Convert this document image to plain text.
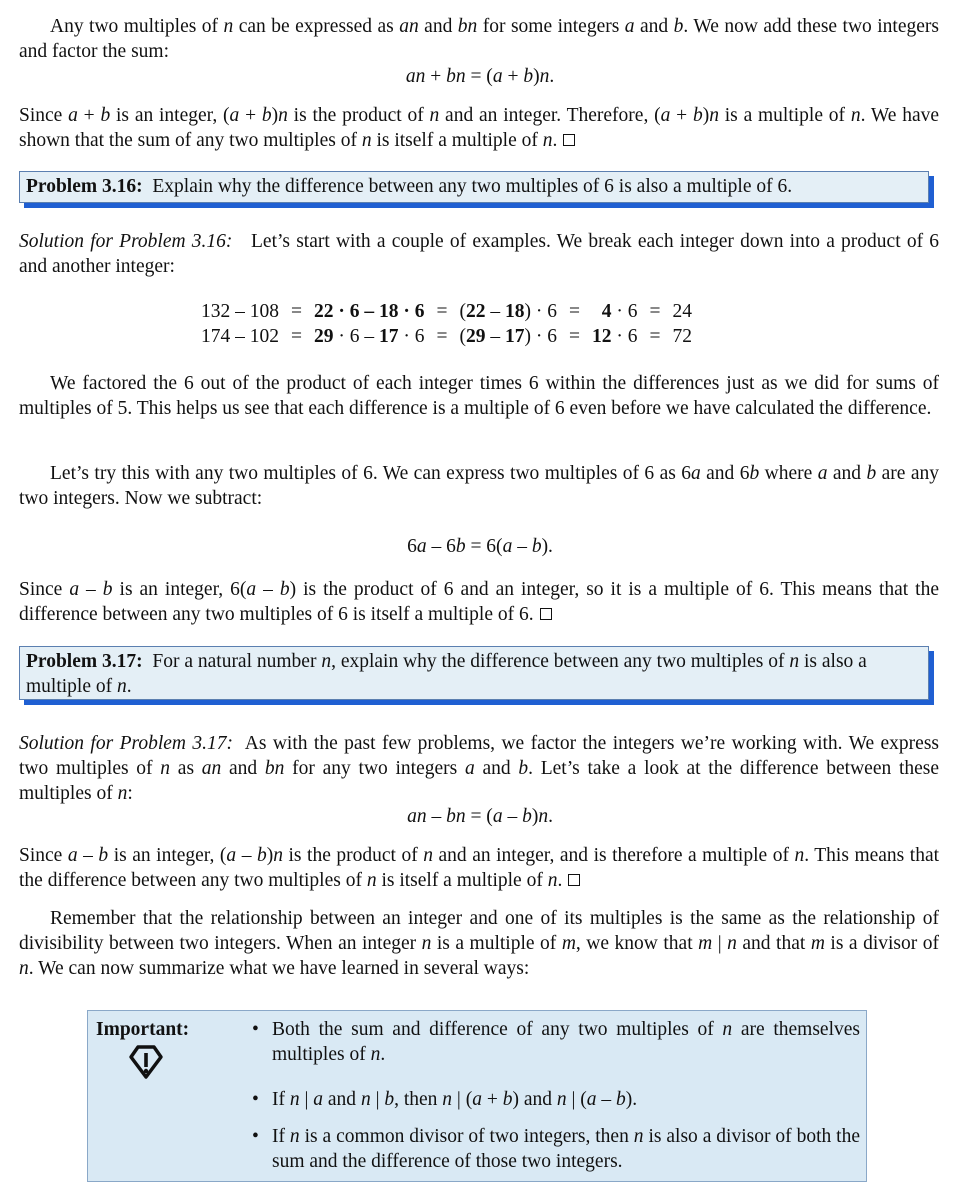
Any two multiples of n can be expressed as an and bn for some integers a and b. We now add these two integers and factor the sum:
an + bn = (a + b)n.
Since a + b is an integer, (a + b)n is the product of n and an integer. Therefore, (a + b)n is a multiple of n. We have shown that the sum of any two multiples of n is itself a multiple of n.
Problem 3.16: Explain why the difference between any two multiples of 6 is also a multiple of 6.
Solution for Problem 3.16: Let’s start with a couple of examples. We break each integer down into a product of 6 and another integer:
132 – 108	=	22 · 6 – 18 · 6	=	(22 – 18) · 6	=	4 · 6	=	24
174 – 102	=	29 · 6 – 17 · 6	=	(29 – 17) · 6	=	12 · 6	=	72
We factored the 6 out of the product of each integer times 6 within the differences just as we did for sums of multiples of 5. This helps us see that each difference is a multiple of 6 even before we have calculated the difference.
Let’s try this with any two multiples of 6. We can express two multiples of 6 as 6a and 6b where a and b are any two integers. Now we subtract:
6a – 6b = 6(a – b).
Since a – b is an integer, 6(a – b) is the product of 6 and an integer, so it is a multiple of 6. This means that the difference between any two multiples of 6 is itself a multiple of 6.
Problem 3.17: For a natural number n, explain why the difference between any two multiples of n is also a multiple of n.
Solution for Problem 3.17:  As with the past few problems, we factor the integers we’re working with. We express two multiples of n as an and bn for any two integers a and b. Let’s take a look at the difference between these multiples of n:
an – bn = (a – b)n.
Since a – b is an integer, (a – b)n is the product of n and an integer, and is therefore a multiple of n. This means that the difference between any two multiples of n is itself a multiple of n.
Remember that the relationship between an integer and one of its multiples is the same as the relationship of divisibility between two integers. When an integer n is a multiple of m, we know that m | n and that m is a divisor of n. We can now summarize what we have learned in several ways:
Important:	• Both the sum and difference of any two multiples of n are themselves multiples of n.
• If n | a and n | b, then n | (a + b) and n | (a – b).
• If n is a common divisor of two integers, then n is also a divisor of both the sum and the difference of those two integers.
